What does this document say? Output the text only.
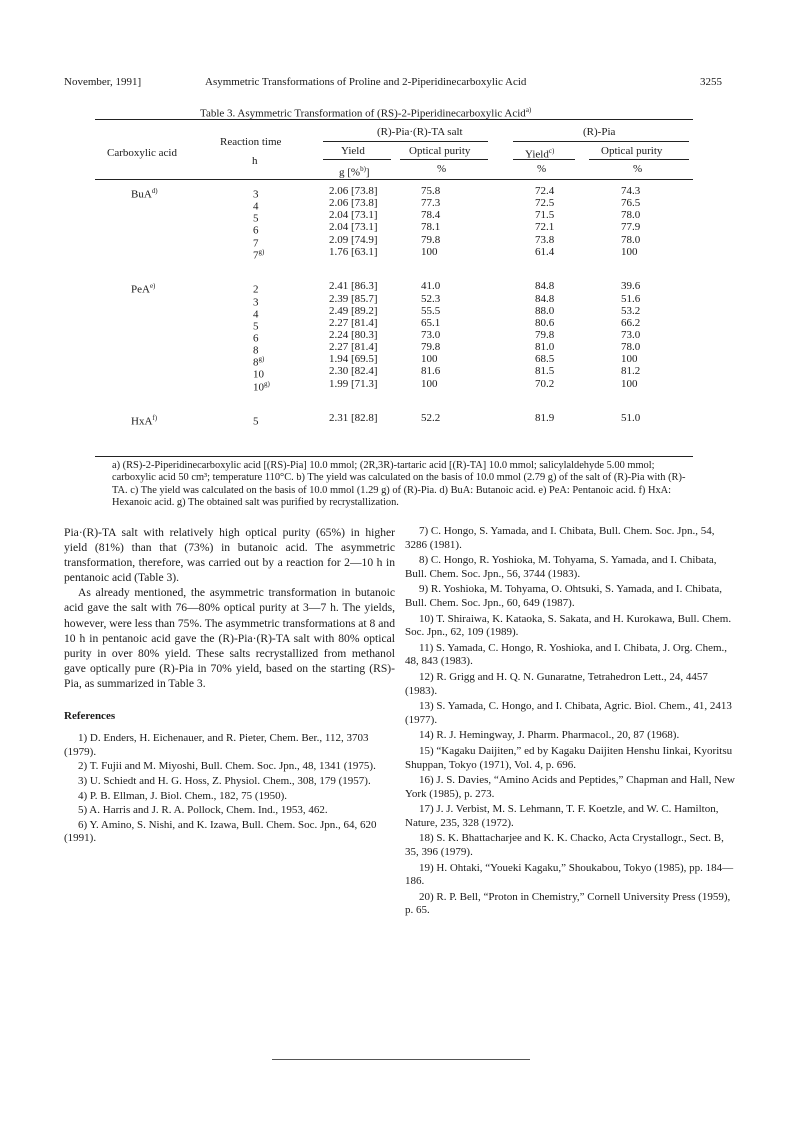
November, 1991]	Asymmetric Transformations of Proline and 2-Piperidinecarboxylic Acid	3255
Table 3. Asymmetric Transformation of (RS)-2-Piperidinecarboxylic Acid$^{a)}$
Carboxylic acid
Reaction time
h
(R)-Pia·(R)-TA salt	(R)-Pia
Yield	Optical purity	Yield$^{c)}$	Optical purity
g [%$^{b)}$]	%	%	%
BuA$^{d)}$	3	2.06 [73.8]	75.8	72.4	74.3
4	2.06 [73.8]	77.3	72.5	76.5
5	2.04 [73.1]	78.4	71.5	78.0
6	2.04 [73.1]	78.1	72.1	77.9
7	2.09 [74.9]	79.8	73.8	78.0
7$^{g)}$	1.76 [63.1]	100	61.4	100
PeA$^{e)}$	2	2.41 [86.3]	41.0	84.8	39.6
3	2.39 [85.7]	52.3	84.8	51.6
4	2.49 [89.2]	55.5	88.0	53.2
5	2.27 [81.4]	65.1	80.6	66.2
6	2.24 [80.3]	73.0	79.8	73.0
8	2.27 [81.4]	79.8	81.0	78.0
8$^{g)}$	1.94 [69.5]	100	68.5	100
10	2.30 [82.4]	81.6	81.5	81.2
10$^{g)}$	1.99 [71.3]	100	70.2	100
HxA$^{f)}$	5	2.31 [82.8]	52.2	81.9	51.0
a) (RS)-2-Piperidinecarboxylic acid [(RS)-Pia] 10.0 mmol; (2R,3R)-tartaric acid [(R)-TA] 10.0 mmol; salicylaldehyde 5.00 mmol; carboxylic acid 50 cm³; temperature 110°C. b) The yield was calculated on the basis of 10.0 mmol (2.79 g) of the salt of (R)-Pia with (R)-TA. c) The yield was calculated on the basis of 10.0 mmol (1.29 g) of (R)-Pia. d) BuA: Butanoic acid. e) PeA: Pentanoic acid. f) HxA: Hexanoic acid. g) The obtained salt was purified by recrystallization.

Pia·(R)-TA salt with relatively high optical purity (65%) in higher yield (81%) than that (73%) in butanoic acid. The asymmetric transformation, therefore, was carried out by a reaction for 2—10 h in pentanoic acid (Table 3).

As already mentioned, the asymmetric transformation in butanoic acid gave the salt with 76—80% optical purity at 3—7 h. The yields, however, were less than 75%. The asymmetric transformations at 8 and 10 h in pentanoic acid gave the (R)-Pia·(R)-TA salt with 80% optical purity in over 80% yield. These salts recrystallized from methanol gave optically pure (R)-Pia in 70% yield, based on the starting (RS)-Pia, as summarized in Table 3.

References

1) D. Enders, H. Eichenauer, and R. Pieter, Chem. Ber., 112, 3703 (1979).

2) T. Fujii and M. Miyoshi, Bull. Chem. Soc. Jpn., 48, 1341 (1975).

3) U. Schiedt and H. G. Hoss, Z. Physiol. Chem., 308, 179 (1957).

4) P. B. Ellman, J. Biol. Chem., 182, 75 (1950).

5) A. Harris and J. R. A. Pollock, Chem. Ind., 1953, 462.

6) Y. Amino, S. Nishi, and K. Izawa, Bull. Chem. Soc. Jpn., 64, 620 (1991).

7) C. Hongo, S. Yamada, and I. Chibata, Bull. Chem. Soc. Jpn., 54, 3286 (1981).

8) C. Hongo, R. Yoshioka, M. Tohyama, S. Yamada, and I. Chibata, Bull. Chem. Soc. Jpn., 56, 3744 (1983).

9) R. Yoshioka, M. Tohyama, O. Ohtsuki, S. Yamada, and I. Chibata, Bull. Chem. Soc. Jpn., 60, 649 (1987).

10) T. Shiraiwa, K. Kataoka, S. Sakata, and H. Kurokawa, Bull. Chem. Soc. Jpn., 62, 109 (1989).

11) S. Yamada, C. Hongo, R. Yoshioka, and I. Chibata, J. Org. Chem., 48, 843 (1983).

12) R. Grigg and H. Q. N. Gunaratne, Tetrahedron Lett., 24, 4457 (1983).

13) S. Yamada, C. Hongo, and I. Chibata, Agric. Biol. Chem., 41, 2413 (1977).

14) R. J. Hemingway, J. Pharm. Pharmacol., 20, 87 (1968).

15) “Kagaku Daijiten,” ed by Kagaku Daijiten Henshu Iinkai, Kyoritsu Shuppan, Tokyo (1971), Vol. 4, p. 696.

16) J. S. Davies, “Amino Acids and Peptides,” Chapman and Hall, New York (1985), p. 273.

17) J. J. Verbist, M. S. Lehmann, T. F. Koetzle, and W. C. Hamilton, Nature, 235, 328 (1972).

18) S. K. Bhattacharjee and K. K. Chacko, Acta Crystallogr., Sect. B, 35, 396 (1979).

19) H. Ohtaki, “Youeki Kagaku,” Shoukabou, Tokyo (1985), pp. 184—186.

20) R. P. Bell, “Proton in Chemistry,” Cornell University Press (1959), p. 65.
